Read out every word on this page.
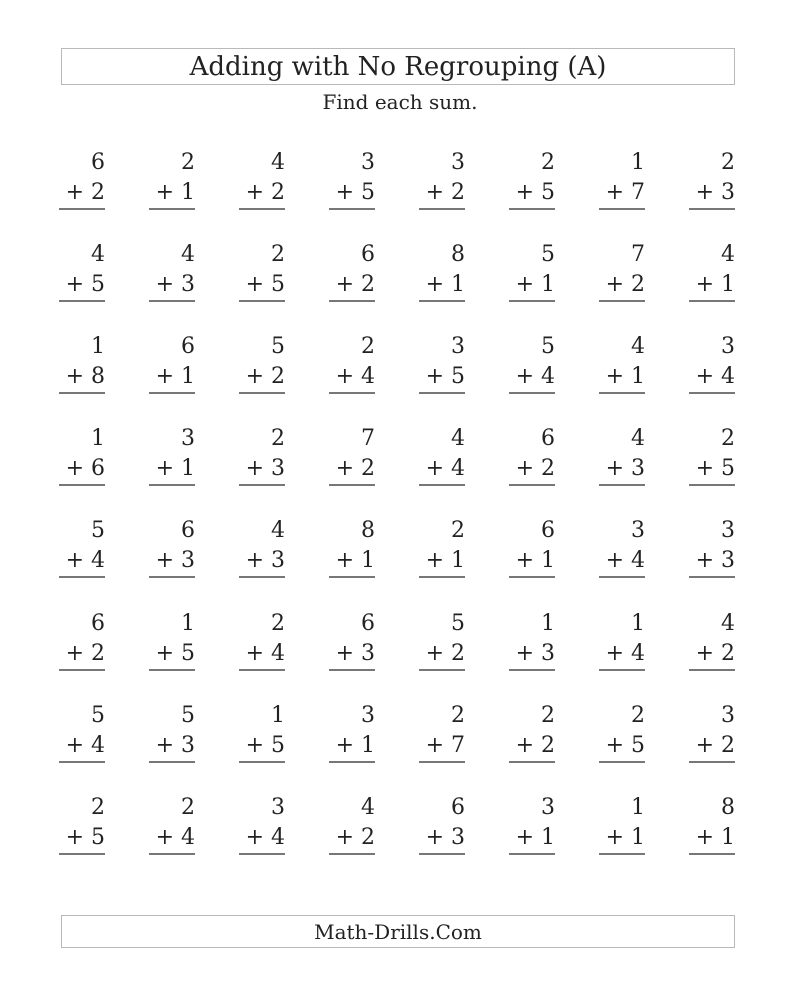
Adding with No Regrouping (A)
Find each sum.
6
+ 2
2
+ 1
4
+ 2
3
+ 5
3
+ 2
2
+ 5
1
+ 7
2
+ 3
4
+ 5
4
+ 3
2
+ 5
6
+ 2
8
+ 1
5
+ 1
7
+ 2
4
+ 1
1
+ 8
6
+ 1
5
+ 2
2
+ 4
3
+ 5
5
+ 4
4
+ 1
3
+ 4
1
+ 6
3
+ 1
2
+ 3
7
+ 2
4
+ 4
6
+ 2
4
+ 3
2
+ 5
5
+ 4
6
+ 3
4
+ 3
8
+ 1
2
+ 1
6
+ 1
3
+ 4
3
+ 3
6
+ 2
1
+ 5
2
+ 4
6
+ 3
5
+ 2
1
+ 3
1
+ 4
4
+ 2
5
+ 4
5
+ 3
1
+ 5
3
+ 1
2
+ 7
2
+ 2
2
+ 5
3
+ 2
2
+ 5
2
+ 4
3
+ 4
4
+ 2
6
+ 3
3
+ 1
1
+ 1
8
+ 1
Math-Drills.Com
